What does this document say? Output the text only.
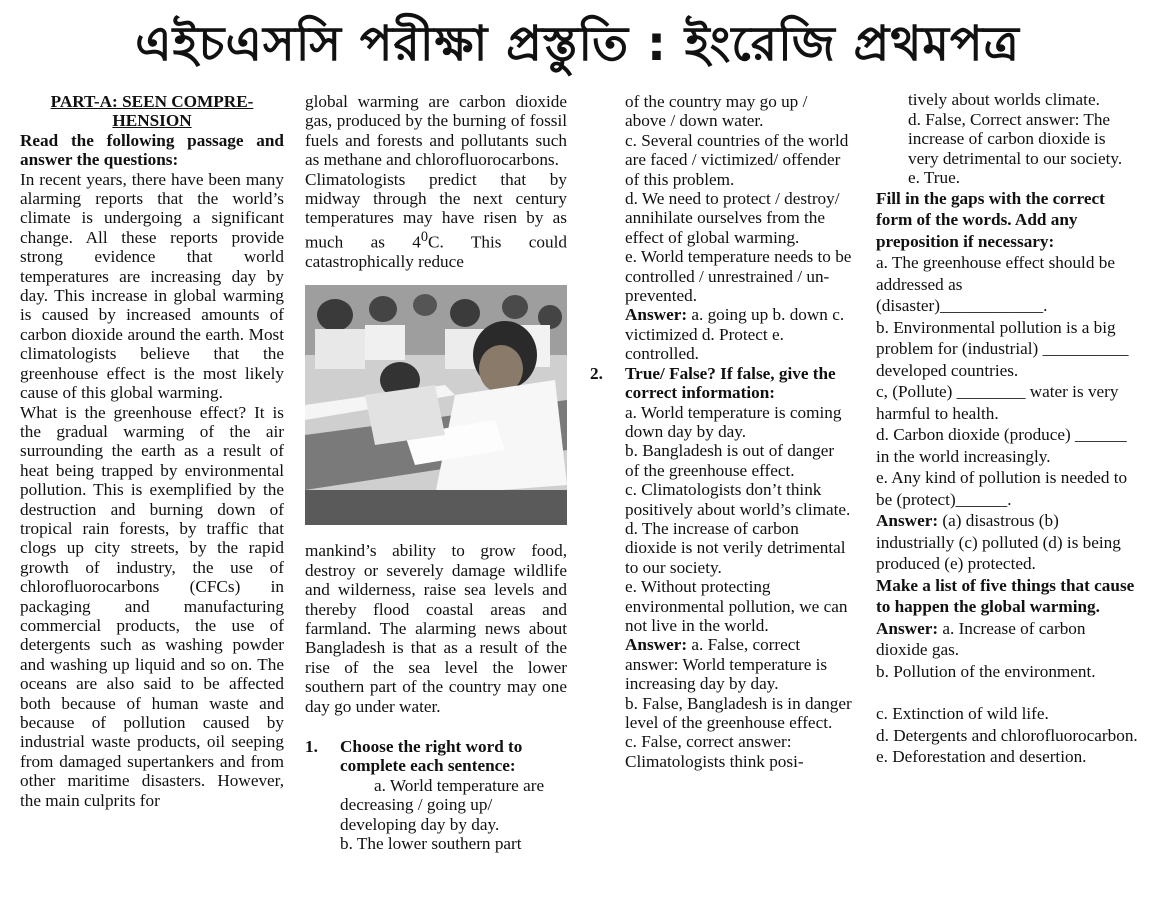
এইচএসসি পরীক্ষা প্রস্তুতি : ইংরেজি প্রথমপত্র
PART-A: SEEN COMPRE-
HENSION

Read the following passage and answer the questions:

In recent years, there have been many alarming reports that the world’s climate is undergoing a significant change. All these reports provide strong evidence that world temperatures are increasing day by day. This increase in global warming is caused by increased amounts of carbon dioxide around the earth. Most climatologists believe that the greenhouse effect is the most likely cause of this global warming.

What is the greenhouse effect? It is the gradual warming of the air surrounding the earth as a result of heat being trapped by environmental pollution. This is exemplified by the destruction and burning down of tropical rain forests, by traffic that clogs up city streets, by the rapid growth of industry, the use of chlorofluorocarbons (CFCs) in packaging and manufacturing commercial products, the use of detergents such as washing powder and washing up liquid and so on. The oceans are also said to be affected both because of human waste and because of pollution caused by industrial waste products, oil seeping from damaged supertankers and from other maritime disasters. However, the main culprits for

global warming are carbon dioxide gas, produced by the burning of fossil fuels and forests and pollutants such as methane and chlorofluorocarbons.

Climatologists predict that by midway through the next century temperatures may have risen by as much as $4^0C$. This could catastrophically reduce

mankind’s ability to grow food, destroy or severely damage wildlife and wilderness, raise sea levels and thereby flood coastal areas and farmland. The alarming news about Bangladesh is that as a result of the rise of the sea level the lower southern part of the country may one day go under water.

1.	Choose the right word to complete each sentence:

a. World temperature are decreasing / going up/ developing day by day.

b. The lower southern part

of the country may go up / above / down water.

c. Several countries of the world are faced / victimized/ offender of this problem.

d. We need to protect / destroy/ annihilate ourselves from the effect of global warming.

e. World temperature needs to be controlled / unrestrained / un-prevented.

Answer: a. going up b. down c. victimized d. Protect e. controlled.

2.	True/ False? If false, give the correct information:

a. World temperature is coming down day by day.

b. Bangladesh is out of danger of the greenhouse effect.

c. Climatologists don’t think positively about world’s climate.

d. The increase of carbon dioxide is not verily detrimental to our society.

e. Without protecting environmental pollution, we can not live in the world.

Answer: a. False, correct answer: World temperature is increasing day by day.

b. False, Bangladesh is in danger level of the greenhouse effect.

c. False, correct answer: Climatologists think posi-

tively about worlds climate.

d. False, Correct answer: The increase of carbon dioxide is very detrimental to our society.

e. True.

Fill in the gaps with the correct form of the words. Add any preposition if necessary:

a. The greenhouse effect should be addressed as (disaster)____________.

b. Environmental pollution is a big problem for (industrial) __________ developed countries.

c, (Pollute) ________ water is very harmful to health.

d. Carbon dioxide (produce) ______ in the world increasingly.

e. Any kind of pollution is needed to be (protect)______.

Answer: (a) disastrous (b) industrially (c) polluted (d) is being produced (e) protected.

Make a list of five things that cause to happen the global warming.

Answer: a. Increase of carbon dioxide gas.

b. Pollution of the environment.

c. Extinction of wild life.

d. Detergents and chlorofluorocarbon.

e. Deforestation and desertion.
